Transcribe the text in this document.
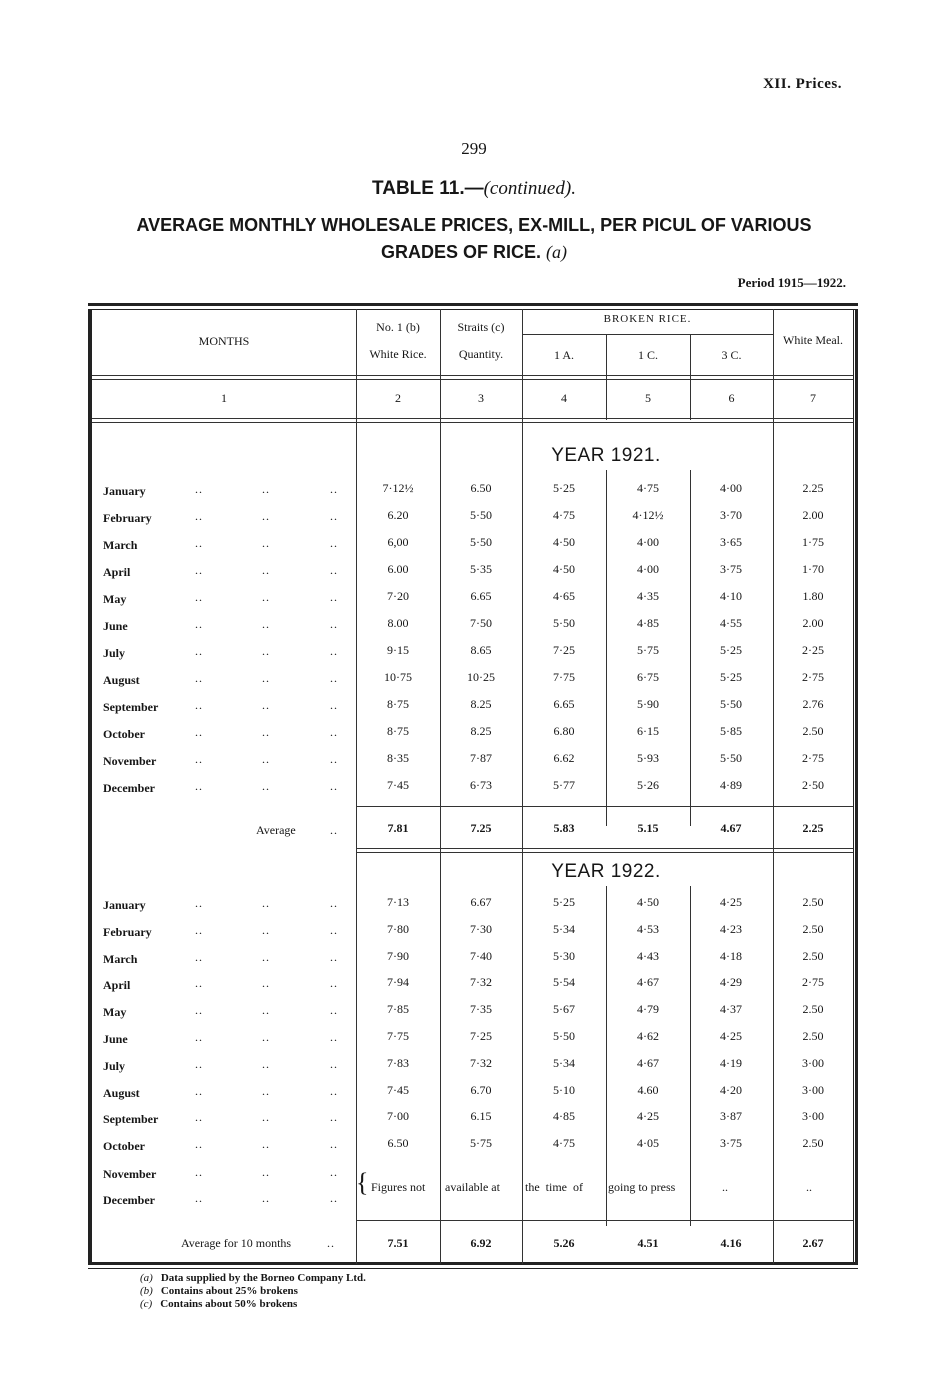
XII. Prices.
299
TABLE 11.—(continued).
AVERAGE MONTHLY WHOLESALE PRICES, EX-MILL, PER PICUL OF VARIOUS
GRADES OF RICE. (a)
Period 1915—1922.
MONTHS
No. 1 (b)
White Rice.
Straits (c)
Quantity.
BROKEN RICE.
1 A.	1 C.	3 C.
White Meal.
1	2	3	4	5	6	7
YEAR 1921.
January	..	..	..	7·12½	6.50	5·25	4·75	4·00	2.25
February	..	..	..	6.20	5·50	4·75	4·12½	3·70	2.00
March	..	..	..	6,00	5·50	4·50	4·00	3·65	1·75
April	..	..	..	6.00	5·35	4·50	4·00	3·75	1·70
May	..	..	..	7·20	6.65	4·65	4·35	4·10	1.80
June	..	..	..	8.00	7·50	5·50	4·85	4·55	2.00
July	..	..	..	9·15	8.65	7·25	5·75	5·25	2·25
August	..	..	..	10·75	10·25	7·75	6·75	5·25	2·75
September	..	..	..	8·75	8.25	6.65	5·90	5·50	2.76
October	..	..	..	8·75	8.25	6.80	6·15	5·85	2.50
November	..	..	..	8·35	7·87	6.62	5·93	5·50	2·75
December	..	..	..	7·45	6·73	5·77	5·26	4·89	2·50
Average	..	7.81	7.25	5.83	5.15	4.67	2.25
YEAR 1922.
January	..	..	..	7·13	6.67	5·25	4·50	4·25	2.50
February	..	..	..	7·80	7·30	5·34	4·53	4·23	2.50
March	..	..	..	7·90	7·40	5·30	4·43	4·18	2.50
April	..	..	..	7·94	7·32	5·54	4·67	4·29	2·75
May	..	..	..	7·85	7·35	5·67	4·79	4·37	2.50
June	..	..	..	7·75	7·25	5·50	4·62	4·25	2.50
July	..	..	..	7·83	7·32	5·34	4·67	4·19	3·00
August	..	..	..	7·45	6.70	5·10	4.60	4·20	3·00
September	..	..	..	7·00	6.15	4·85	4·25	3·87	3·00
October	..	..	..	6.50	5·75	4·75	4·05	3·75	2.50
November	..	..	..
December	..	..	..
{ Figures not available at the  time  of going to press	..	..
Average for 10 months	..	7.51	6.92	5.26	4.51	4.16	2.67
(a) Data supplied by the Borneo Company Ltd.
(b) Contains about 25% brokens
(c) Contains about 50% brokens
